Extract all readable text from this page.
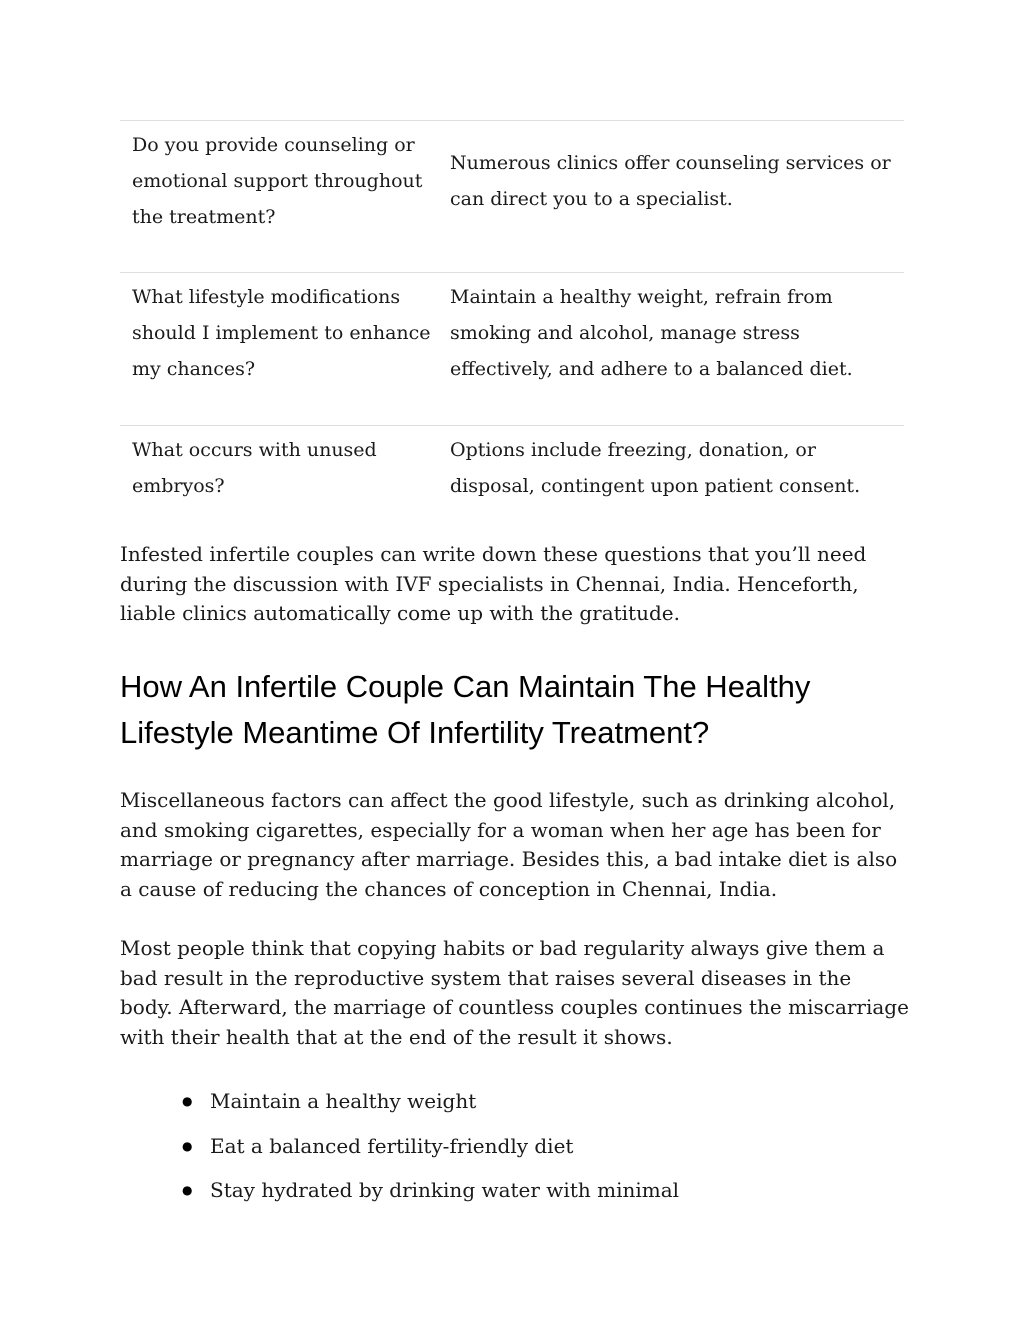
Do you provide counseling or emotional support throughout the treatment?
Numerous clinics offer counseling services or can direct you to a specialist.
What lifestyle modifications should I implement to enhance my chances?
Maintain a healthy weight, refrain from smoking and alcohol, manage stress effectively, and adhere to a balanced diet.
What occurs with unused embryos?
Options include freezing, donation, or disposal, contingent upon patient consent.

Infested infertile couples can write down these questions that you’ll need during the discussion with IVF specialists in Chennai, India. Henceforth, liable clinics automatically come up with the gratitude.

How An Infertile Couple Can Maintain The Healthy Lifestyle Meantime Of Infertility Treatment?

Miscellaneous factors can affect the good lifestyle, such as drinking alcohol, and smoking cigarettes, especially for a woman when her age has been for marriage or pregnancy after marriage. Besides this, a bad intake diet is also a cause of reducing the chances of conception in Chennai, India.

Most people think that copying habits or bad regularity always give them a bad result in the reproductive system that raises several diseases in the body. Afterward, the marriage of countless couples continues the miscarriage with their health that at the end of the result it shows.

● Maintain a healthy weight
● Eat a balanced fertility-friendly diet
● Stay hydrated by drinking water with minimal
